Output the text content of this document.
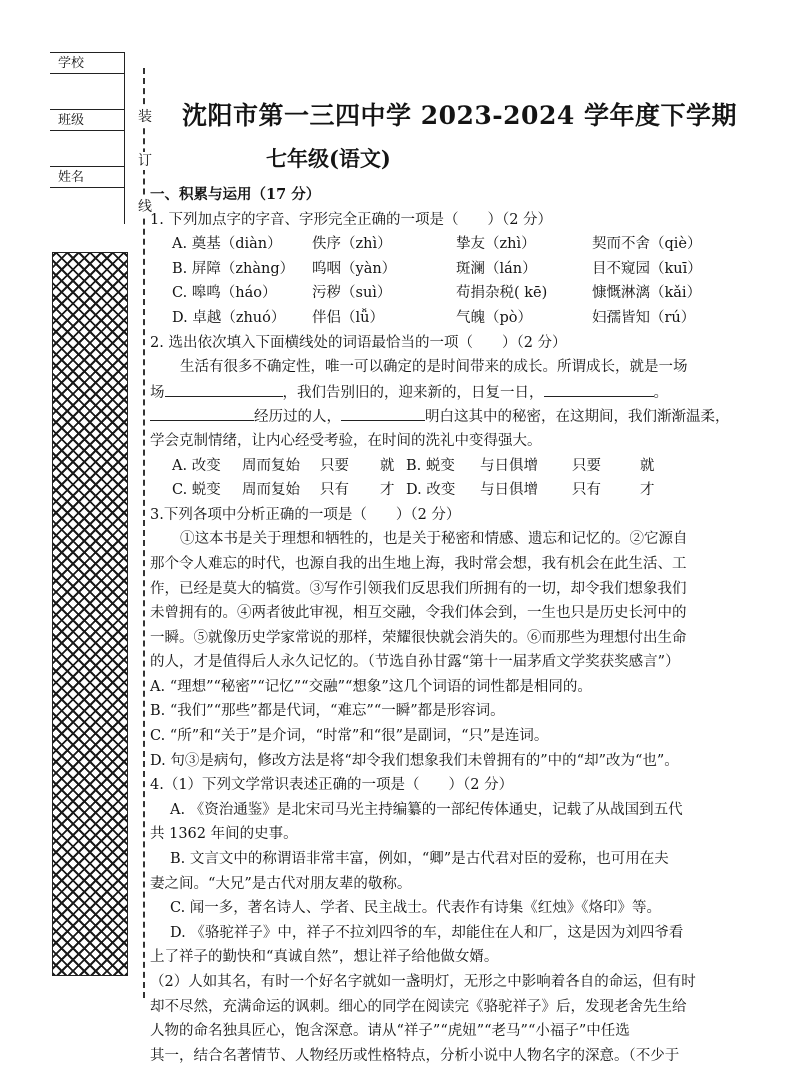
学校
班级
姓名
装
订
线
沈阳市第一三四中学 2023-2024 学年度下学期
七年级(语文)
一、积累与运用（17 分）
1. 下列加点字的字音、字形完全正确的一项是（　　）（2 分）
A. 奠基（diàn）	佚序（zhì）	挚友（zhì）	契而不舍（qiè）
B. 屏障（zhàng）	呜咽（yàn）	斑澜（lán）	目不窥园（kuī）
C. 嗥鸣（háo）	污秽（suì）	苟捐杂税( kē)	慷慨淋漓（kǎi）
D. 卓越（zhuó）	伴侣（lǚ）	气魄（pò）	妇孺皆知（rú）
2. 选出依次填入下面横线处的词语最恰当的一项（　　）（2 分）
生活有很多不确定性，唯一可以确定的是时间带来的成长。所谓成长，就是一场
场	，我们告别旧的，迎来新的，日复一日，	。
经历过的人，	明白这其中的秘密，在这期间，我们渐渐温柔，
学会克制情绪，让内心经受考验，在时间的洗礼中变得强大。
A. 改变	周而复始	只要	就 B. 蜕变	与日俱增	只要	就
C. 蜕变	周而复始	只有	才 D. 改变	与日俱增	只有	才
3.下列各项中分析正确的一项是（　　）（2 分）
①这本书是关于理想和牺牲的，也是关于秘密和情感、遗忘和记忆的。②它源自
那个令人难忘的时代，也源自我的出生地上海，我时常会想，我有机会在此生活、工
作，已经是莫大的犒赏。③写作引领我们反思我们所拥有的一切，却令我们想象我们
未曾拥有的。④两者彼此审视，相互交融，令我们体会到，一生也只是历史长河中的
一瞬。⑤就像历史学家常说的那样，荣耀很快就会消失的。⑥而那些为理想付出生命
的人，才是值得后人永久记忆的。（节选自孙甘露“第十一届茅盾文学奖获奖感言”）
A. “理想”“秘密”“记忆”“交融”“想象”这几个词语的词性都是相同的。
B. “我们”“那些”都是代词，“难忘”“一瞬”都是形容词。
C. “所”和“关于”是介词，“时常”和“很”是副词，“只”是连词。
D. 句③是病句，修改方法是将“却令我们想象我们未曾拥有的”中的“却”改为“也”。
4.（1）下列文学常识表述正确的一项是（　　）（2 分）
A. 《资治通鉴》是北宋司马光主持编纂的一部纪传体通史，记载了从战国到五代
共 1362 年间的史事。
B. 文言文中的称谓语非常丰富，例如，“卿”是古代君对臣的爱称，也可用在夫
妻之间。“大兄”是古代对朋友辈的敬称。
C. 闻一多，著名诗人、学者、民主战士。代表作有诗集《红烛》《烙印》等。
D. 《骆驼祥子》中，祥子不拉刘四爷的车，却能住在人和厂，这是因为刘四爷看
上了祥子的勤快和“真诚自然”，想让祥子给他做女婿。
（2）人如其名，有时一个好名字就如一盏明灯，无形之中影响着各自的命运，但有时
却不尽然，充满命运的讽刺。细心的同学在阅读完《骆驼祥子》后，发现老舍先生给
人物的命名独具匠心，饱含深意。请从“祥子”“虎妞”“老马”“小福子”中任选
其一，结合名著情节、人物经历或性格特点，分析小说中人物名字的深意。（不少于
